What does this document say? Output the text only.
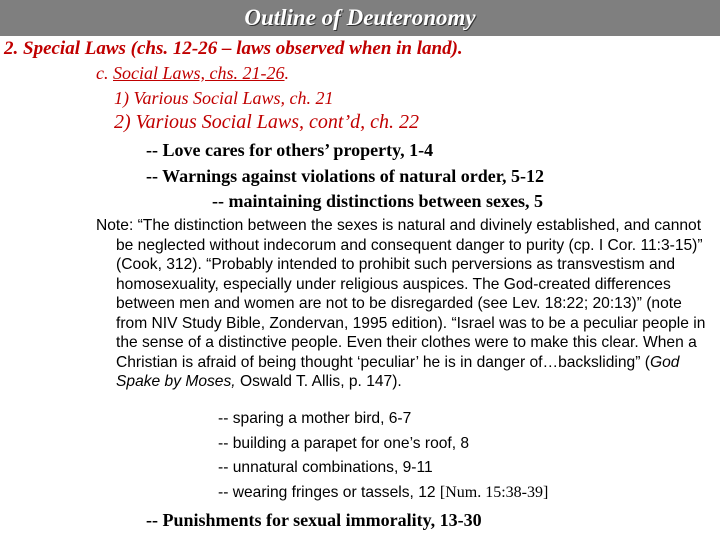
Outline of Deuteronomy
2. Special Laws (chs. 12-26 – laws observed when in land).
c. Social Laws, chs. 21-26.
1) Various Social Laws, ch. 21
2) Various Social Laws, cont’d, ch. 22
-- Love cares for others’ property, 1-4
-- Warnings against violations of natural order, 5-12
-- maintaining distinctions between sexes, 5
Note: “The distinction between the sexes is natural and divinely established, and cannot be neglected without indecorum and consequent danger to purity (cp. I Cor. 11:3-15)” (Cook, 312). “Probably intended to prohibit such perversions as transvestism and homosexuality, especially under religious auspices. The God-created differences between men and women are not to be disregarded (see Lev. 18:22; 20:13)” (note from NIV Study Bible, Zondervan, 1995 edition). “Israel was to be a peculiar people in the sense of a distinctive people. Even their clothes were to make this clear. When a Christian is afraid of being thought ‘peculiar’ he is in danger of…backsliding” (God Spake by Moses, Oswald T. Allis, p. 147).
-- sparing a mother bird, 6-7
-- building a parapet for one’s roof, 8
-- unnatural combinations, 9-11
-- wearing fringes or tassels, 12 [Num. 15:38-39]
-- Punishments for sexual immorality, 13-30
